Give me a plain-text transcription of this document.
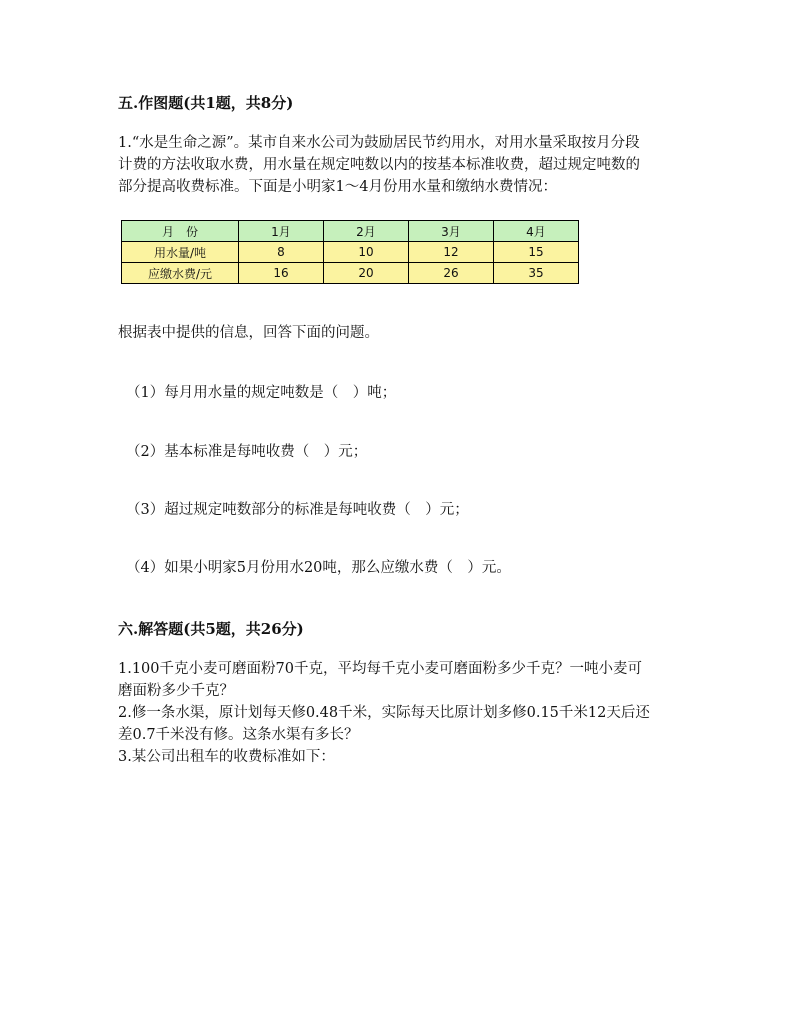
五.作图题(共1题，共8分)
1.“水是生命之源”。某市自来水公司为鼓励居民节约用水，对用水量采取按月分段
计费的方法收取水费，用水量在规定吨数以内的按基本标准收费，超过规定吨数的
部分提高收费标准。下面是小明家1～4月份用水量和缴纳水费情况：
月　份	1月	2月	3月	4月
用水量/吨	8	10	12	15
应缴水费/元	16	20	26	35
根据表中提供的信息，回答下面的问题。
（1）每月用水量的规定吨数是（　）吨；
（2）基本标准是每吨收费（　）元；
（3）超过规定吨数部分的标准是每吨收费（　）元；
（4）如果小明家5月份用水20吨，那么应缴水费（　）元。
六.解答题(共5题，共26分)
1.100千克小麦可磨面粉70千克，平均每千克小麦可磨面粉多少千克？一吨小麦可
磨面粉多少千克？
2.修一条水渠，原计划每天修0.48千米，实际每天比原计划多修0.15千米12天后还
差0.7千米没有修。这条水渠有多长？
3.某公司出租车的收费标准如下：
